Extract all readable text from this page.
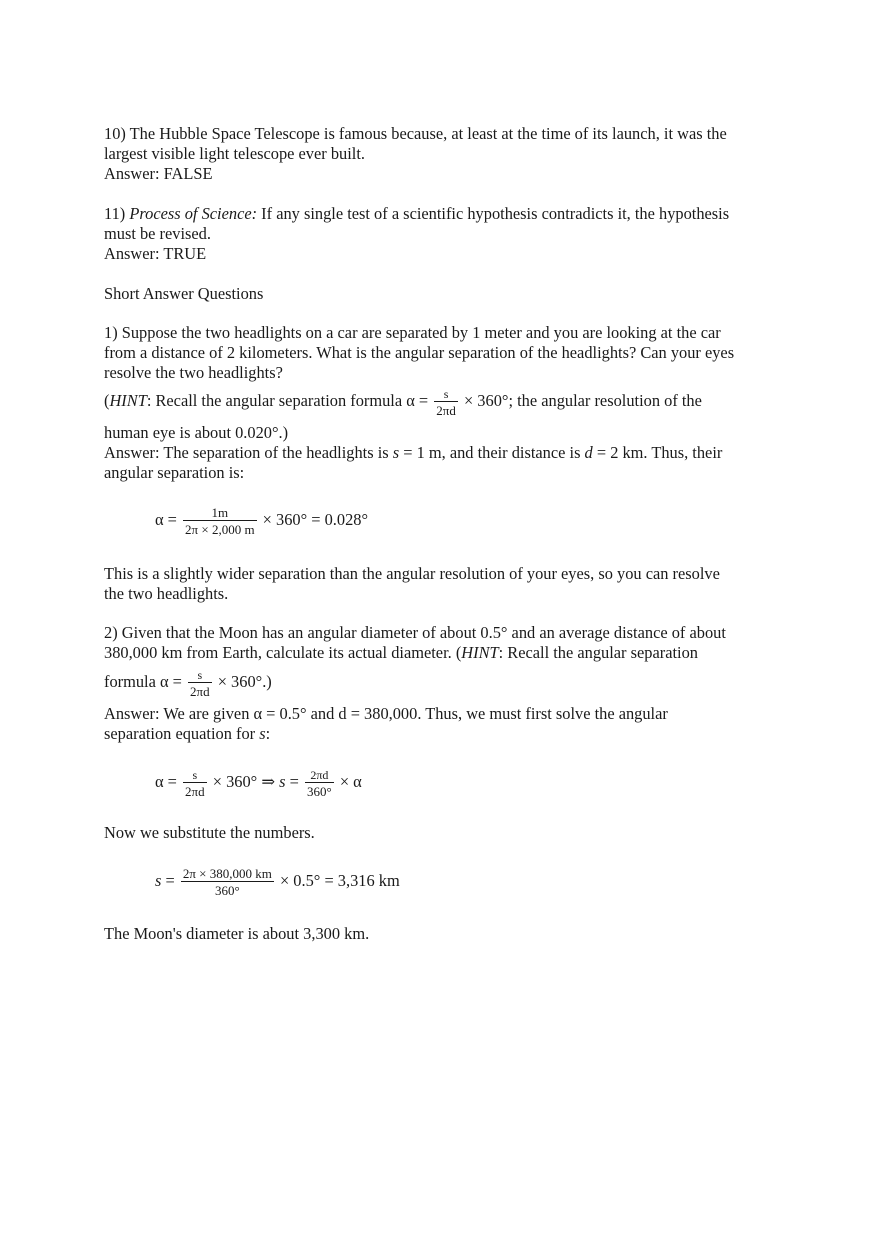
10) The Hubble Space Telescope is famous because, at least at the time of its launch, it was the
largest visible light telescope ever built.
Answer: FALSE
11) Process of Science: If any single test of a scientific hypothesis contradicts it, the hypothesis
must be revised.
Answer: TRUE
Short Answer Questions
1) Suppose the two headlights on a car are separated by 1 meter and you are looking at the car
from a distance of 2 kilometers. What is the angular separation of the headlights? Can your eyes
resolve the two headlights?
(HINT: Recall the angular separation formula $\alpha = \frac{s}{2\pi d} \times 360^\circ$; the angular resolution of the
human eye is about 0.020°.)
Answer: The separation of the headlights is s = 1 m, and their distance is d = 2 km. Thus, their
angular separation is:
$\alpha = \frac{1m}{2\pi \times 2,000 m} \times 360^\circ = 0.028^\circ$
This is a slightly wider separation than the angular resolution of your eyes, so you can resolve
the two headlights.
2) Given that the Moon has an angular diameter of about 0.5° and an average distance of about
380,000 km from Earth, calculate its actual diameter. (HINT: Recall the angular separation
formula $\alpha = \frac{s}{2\pi d} \times 360^\circ$.)
Answer: We are given α = 0.5° and d = 380,000. Thus, we must first solve the angular
separation equation for s:
$\alpha = \frac{s}{2\pi d} \times 360^\circ$ ⇒ $s = \frac{2\pi d}{360^\circ} \times \alpha$
Now we substitute the numbers.
$s = \frac{2\pi \times 380,000 km}{360^\circ} \times 0.5^\circ = 3,316$ km
The Moon's diameter is about 3,300 km.
